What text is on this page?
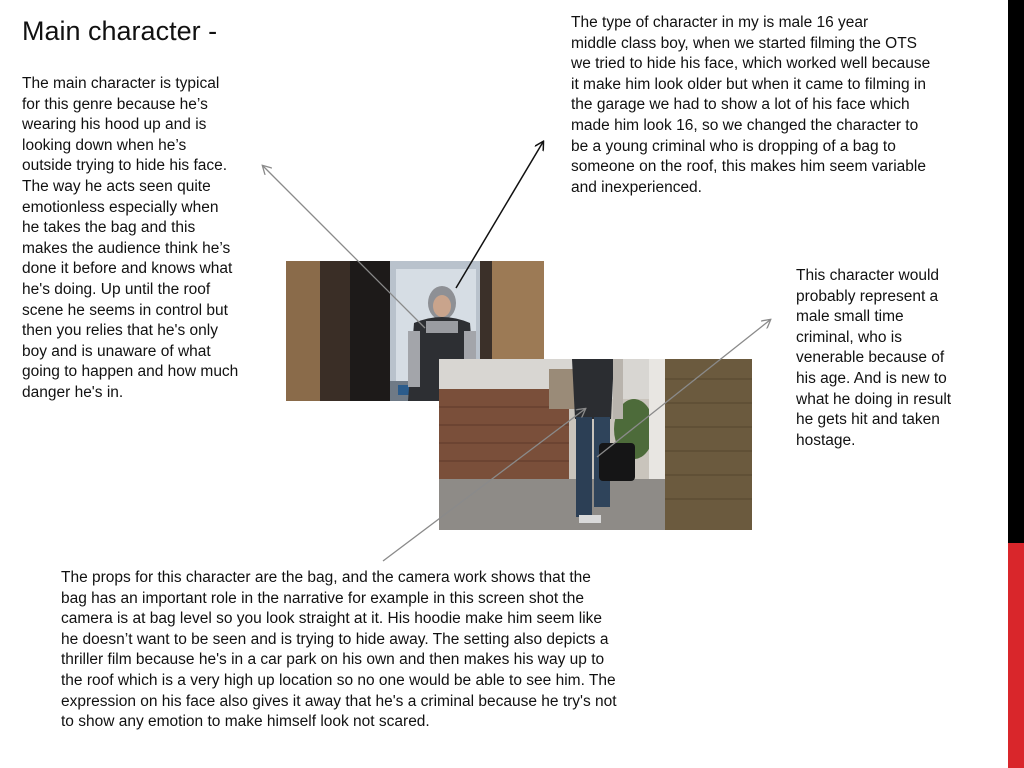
Main character -

The main character is typical
for this genre because he’s
wearing his hood up and is
looking down when he’s
outside trying to hide his face.
The way he acts seen quite
emotionless especially when
he takes the bag and this
makes the audience think he’s
done it before and knows what
he's doing. Up until the roof
scene he seems in control but
then you relies that he's only
boy and is unaware of what
going to happen and how much
danger he's in.

The type of character in my is male 16 year
middle class boy, when we started filming the OTS
we tried to hide his face, which worked well because
it make him look older but when it came to filming in
the garage we had to show a lot of his face which
made him look 16, so we changed the character to
be a young criminal who is dropping of a bag to
someone on the roof, this makes him seem variable
and inexperienced.

This character would
probably represent a
male small time
criminal, who is
venerable because of
his age. And is new to
what he doing in result
he gets hit and taken
hostage.

The props for this character are the bag, and the camera work shows that the
bag has an important role in the narrative for example in this screen shot the
camera is at bag level so you look straight at it. His hoodie make him seem like
he doesn’t want to be seen and is trying to hide away. The setting also depicts a
thriller film because he's in a car park on his own and then makes his way up to
the roof which is a very high up location so no one would be able to see him. The
expression on his face also gives it away that he's a criminal because he try's not
to show any emotion to make himself look not scared.
